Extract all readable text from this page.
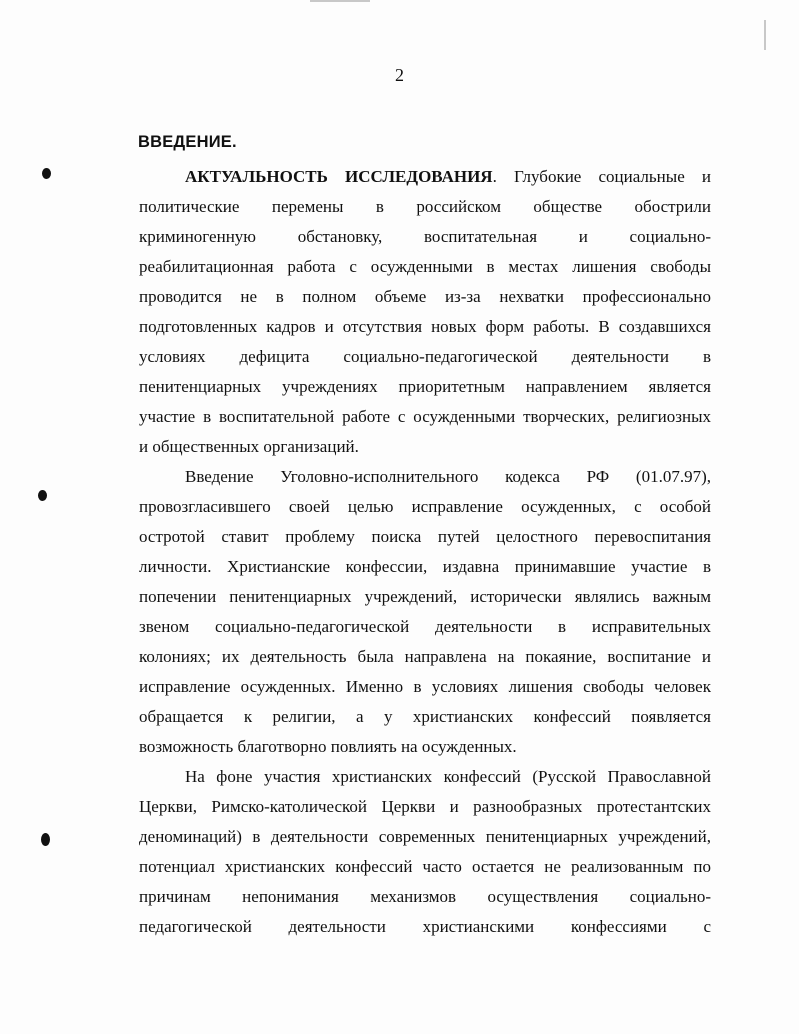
2
ВВЕДЕНИЕ.
АКТУАЛЬНОСТЬ ИССЛЕДОВАНИЯ. Глубокие социальные и
политические перемены в российском обществе обострили
криминогенную обстановку, воспитательная и социально-
реабилитационная работа с осужденными в местах лишения свободы
проводится не в полном объеме из-за нехватки профессионально
подготовленных кадров и отсутствия новых форм работы. В создавшихся
условиях дефицита социально-педагогической деятельности в
пенитенциарных учреждениях приоритетным направлением является
участие в воспитательной работе с осужденными творческих, религиозных
и общественных организаций.
Введение Уголовно-исполнительного кодекса РФ (01.07.97),
провозгласившего своей целью исправление осужденных, с особой
остротой ставит проблему поиска путей целостного перевоспитания
личности. Христианские конфессии, издавна принимавшие участие в
попечении пенитенциарных учреждений, исторически являлись важным
звеном социально-педагогической деятельности в исправительных
колониях; их деятельность была направлена на покаяние, воспитание и
исправление осужденных. Именно в условиях лишения свободы человек
обращается к религии, а у христианских конфессий появляется
возможность благотворно повлиять на осужденных.
На фоне участия христианских конфессий (Русской Православной
Церкви, Римско-католической Церкви и разнообразных протестантских
деноминаций) в деятельности современных пенитенциарных учреждений,
потенциал христианских конфессий часто остается не реализованным по
причинам непонимания механизмов осуществления социально-
педагогической деятельности христианскими конфессиями с
